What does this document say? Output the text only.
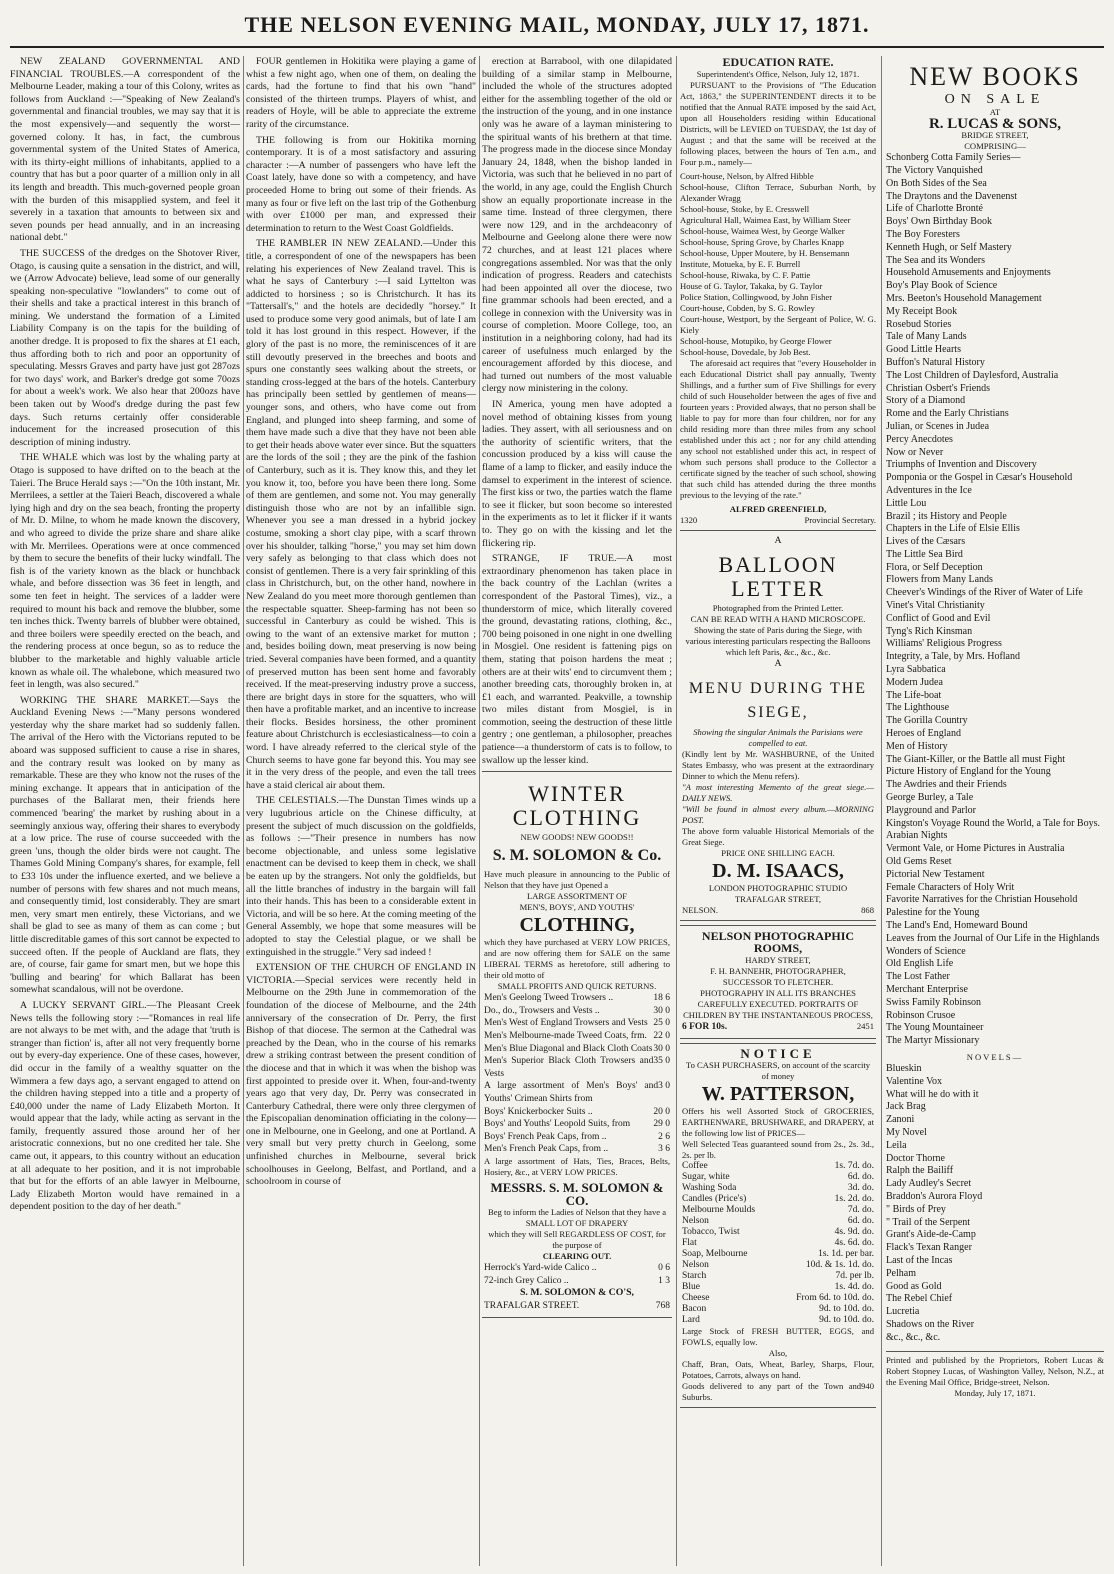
THE NELSON EVENING MAIL, MONDAY, JULY 17, 1871.

NEW ZEALAND GOVERNMENTAL AND FINANCIAL TROUBLES.—A correspondent of the Melbourne Leader, making a tour of this Colony, writes as follows from Auckland :—"Speaking of New Zealand's governmental and financial troubles, we may say that it is the most expensively—and sequently the worst—governed colony. It has, in fact, the cumbrous governmental system of the United States of America, with its thirty-eight millions of inhabitants, applied to a country that has but a poor quarter of a million only in all its length and breadth. This much-governed people groan with the burden of this misapplied system, and feel it severely in a taxation that amounts to between six and seven pounds per head annually, and in an increasing national debt."

THE SUCCESS of the dredges on the Shotover River, Otago, is causing quite a sensation in the district, and will, we (Arrow Advocate) believe, lead some of our generally speaking non-speculative "lowlanders" to come out of their shells and take a practical interest in this branch of mining. We understand the formation of a Limited Liability Company is on the tapis for the building of another dredge. It is proposed to fix the shares at £1 each, thus affording both to rich and poor an opportunity of speculating. Messrs Graves and party have just got 287ozs for two days' work, and Barker's dredge got some 70ozs for about a week's work. We also hear that 200ozs have been taken out by Wood's dredge during the past few days. Such returns certainly offer considerable inducement for the increased prosecution of this description of mining industry.

THE WHALE which was lost by the whaling party at Otago is supposed to have drifted on to the beach at the Taieri. The Bruce Herald says :—"On the 10th instant, Mr. Merrilees, a settler at the Taieri Beach, discovered a whale lying high and dry on the sea beach, fronting the property of Mr. D. Milne, to whom he made known the discovery, and who agreed to divide the prize share and share alike with Mr. Merrilees. Operations were at once commenced by them to secure the benefits of their lucky windfall. The fish is of the variety known as the black or hunchback whale, and before dissection was 36 feet in length, and some ten feet in height. The services of a ladder were required to mount his back and remove the blubber, some ten inches thick. Twenty barrels of blubber were obtained, and three boilers were speedily erected on the beach, and the rendering process at once begun, so as to reduce the blubber to the marketable and highly valuable article known as whale oil. The whalebone, which measured two feet in length, was also secured."

WORKING THE SHARE MARKET.—Says the Auckland Evening News :—"Many persons wondered yesterday why the share market had so suddenly fallen. The arrival of the Hero with the Victorians reputed to be aboard was supposed sufficient to cause a rise in shares, and the contrary result was looked on by many as remarkable. These are they who know not the ruses of the mining exchange. It appears that in anticipation of the purchases of the Ballarat men, their friends here commenced 'bearing' the market by rushing about in a seemingly anxious way, offering their shares to everybody at a low price. The ruse of course succeeded with the green 'uns, though the older birds were not caught. The Thames Gold Mining Company's shares, for example, fell to £33 10s under the influence exerted, and we believe a number of persons with few shares and not much means, and consequently timid, lost considerably. They are smart men, very smart men entirely, these Victorians, and we shall be glad to see as many of them as can come ; but little discreditable games of this sort cannot be expected to succeed often. If the people of Auckland are flats, they are, of course, fair game for smart men, but we hope this 'bulling and bearing' for which Ballarat has been somewhat scandalous, will not be overdone.

A LUCKY SERVANT GIRL.—The Pleasant Creek News tells the following story :—"Romances in real life are not always to be met with, and the adage that 'truth is stranger than fiction' is, after all not very frequently borne out by every-day experience. One of these cases, however, did occur in the family of a wealthy squatter on the Wimmera a few days ago, a servant engaged to attend on the children having stepped into a title and a property of £40,000 under the name of Lady Elizabeth Morton. It would appear that the lady, while acting as servant in the family, frequently assured those around her of her aristocratic connexions, but no one credited her tale. She came out, it appears, to this country without an education at all adequate to her position, and it is not improbable that but for the efforts of an able lawyer in Melbourne, Lady Elizabeth Morton would have remained in a dependent position to the day of her death."

FOUR gentlemen in Hokitika were playing a game of whist a few night ago, when one of them, on dealing the cards, had the fortune to find that his own "hand" consisted of the thirteen trumps. Players of whist, and readers of Hoyle, will be able to appreciate the extreme rarity of the circumstance.

THE following is from our Hokitika morning contemporary. It is of a most satisfactory and assuring character :—A number of passengers who have left the Coast lately, have done so with a competency, and have proceeded Home to bring out some of their friends. As many as four or five left on the last trip of the Gothenburg with over £1000 per man, and expressed their determination to return to the West Coast Goldfields.

THE RAMBLER IN NEW ZEALAND.—Under this title, a correspondent of one of the newspapers has been relating his experiences of New Zealand travel. This is what he says of Canterbury :—I said Lyttelton was addicted to horsiness ; so is Christchurch. It has its "Tattersall's," and the hotels are decidedly "horsey." It used to produce some very good animals, but of late I am told it has lost ground in this respect. However, if the glory of the past is no more, the reminiscences of it are still devoutly preserved in the breeches and boots and spurs one constantly sees walking about the streets, or standing cross-legged at the bars of the hotels. Canterbury has principally been settled by gentlemen of means—younger sons, and others, who have come out from England, and plunged into sheep farming, and some of them have made such a dive that they have not been able to get their heads above water ever since. But the squatters are the lords of the soil ; they are the pink of the fashion of Canterbury, such as it is. They know this, and they let you know it, too, before you have been there long. Some of them are gentlemen, and some not. You may generally distinguish those who are not by an infallible sign. Whenever you see a man dressed in a hybrid jockey costume, smoking a short clay pipe, with a scarf thrown over his shoulder, talking "horse," you may set him down very safely as belonging to that class which does not consist of gentlemen. There is a very fair sprinkling of this class in Christchurch, but, on the other hand, nowhere in New Zealand do you meet more thorough gentlemen than the respectable squatter. Sheep-farming has not been so successful in Canterbury as could be wished. This is owing to the want of an extensive market for mutton ; and, besides boiling down, meat preserving is now being tried. Several companies have been formed, and a quantity of preserved mutton has been sent home and favorably received. If the meat-preserving industry prove a success, there are bright days in store for the squatters, who will then have a profitable market, and an incentive to increase their flocks. Besides horsiness, the other prominent feature about Christchurch is ecclesiasticalness—to coin a word. I have already referred to the clerical style of the Church seems to have gone far beyond this. You may see it in the very dress of the people, and even the tall trees have a staid clerical air about them.

THE CELESTIALS.—The Dunstan Times winds up a very lugubrious article on the Chinese difficulty, at present the subject of much discussion on the goldfields, as follows :—"Their presence in numbers has now become objectionable, and unless some legislative enactment can be devised to keep them in check, we shall be eaten up by the strangers. Not only the goldfields, but all the little branches of industry in the bargain will fall into their hands. This has been to a considerable extent in Victoria, and will be so here. At the coming meeting of the General Assembly, we hope that some measures will be adopted to stay the Celestial plague, or we shall be extinguished in the struggle." Very sad indeed !

EXTENSION OF THE CHURCH OF ENGLAND IN VICTORIA.—Special services were recently held in Melbourne on the 29th June in commemoration of the foundation of the diocese of Melbourne, and the 24th anniversary of the consecration of Dr. Perry, the first Bishop of that diocese. The sermon at the Cathedral was preached by the Dean, who in the course of his remarks drew a striking contrast between the present condition of the diocese and that in which it was when the bishop was first appointed to preside over it. When, four-and-twenty years ago that very day, Dr. Perry was consecrated in Canterbury Cathedral, there were only three clergymen of the Episcopalian denomination officiating in the colony—one in Melbourne, one in Geelong, and one at Portland. A very small but very pretty church in Geelong, some unfinished churches in Melbourne, several brick schoolhouses in Geelong, Belfast, and Portland, and a schoolroom in course of

erection at Barrabool, with one dilapidated building of a similar stamp in Melbourne, included the whole of the structures adopted either for the assembling together of the old or the instruction of the young, and in one instance only was he aware of a layman ministering to the spiritual wants of his brethern at that time. The progress made in the diocese since Monday January 24, 1848, when the bishop landed in Victoria, was such that he believed in no part of the world, in any age, could the English Church show an equally proportionate increase in the same time. Instead of three clergymen, there were now 129, and in the archdeaconry of Melbourne and Geelong alone there were now 72 churches, and at least 121 places where congregations assembled. Nor was that the only indication of progress. Readers and catechists had been appointed all over the diocese, two fine grammar schools had been erected, and a college in connexion with the University was in course of completion. Moore College, too, an institution in a neighboring colony, had had its career of usefulness much enlarged by the encouragement afforded by this diocese, and had turned out numbers of the most valuable clergy now ministering in the colony.

IN America, young men have adopted a novel method of obtaining kisses from young ladies. They assert, with all seriousness and on the authority of scientific writers, that the concussion produced by a kiss will cause the flame of a lamp to flicker, and easily induce the damsel to experiment in the interest of science. The first kiss or two, the parties watch the flame to see it flicker, but soon become so interested in the experiments as to let it flicker if it wants to. They go on with the kissing and let the flickering rip.

STRANGE, IF TRUE.—A most extraordinary phenomenon has taken place in the back country of the Lachlan (writes a correspondent of the Pastoral Times), viz., a thunderstorm of mice, which literally covered the ground, devastating rations, clothing, &c., 700 being poisoned in one night in one dwelling in Mosgiel. One resident is fattening pigs on them, stating that poison hardens the meat ; others are at their wits' end to circumvent them ; another breeding cats, thoroughly broken in, at £1 each, and warranted. Peakville, a township two miles distant from Mosgiel, is in commotion, seeing the destruction of these little gentry ; one gentleman, a philosopher, preaches patience—a thunderstorm of cats is to follow, to swallow up the lesser kind.

WINTER CLOTHING
NEW GOODS! NEW GOODS!!
S. M. SOLOMON & Co.
Have much pleasure in announcing to the Public of Nelson that they have just Opened a
LARGE ASSORTMENT OF
MEN'S, BOYS', AND YOUTHS'
CLOTHING,
which they have purchased at VERY LOW PRICES, and are now offering them for SALE on the same LIBERAL TERMS as heretofore, still adhering to their old motto of
SMALL PROFITS AND QUICK RETURNS.
Men's Geelong Tweed Trowsers ..	18 6
Do., do., Trowsers and Vests ..	30 0
Men's West of England Trowsers and Vests 25 0
Men's Melbourne-made Tweed Coats, frm. 22 0
Men's Blue Diagonal and Black Cloth Coats 30 0
Men's Superior Black Cloth Trowsers and Vests
35 0
A large assortment of Men's Boys' and Youths' Crimean Shirts from
3 0
Boys' Knickerbocker Suits ..	20 0
Boys' and Youths' Leopold Suits, from 29 0
Boys' French Peak Caps, from ..	2 6
Men's French Peak Caps, from ..	3 6
A large assortment of Hats, Ties, Braces, Belts, Hosiery, &c., at VERY LOW PRICES.
MESSRS. S. M. SOLOMON & CO.
Beg to inform the Ladies of Nelson that they have a
SMALL LOT OF DRAPERY
which they will Sell REGARDLESS OF COST, for the purpose of
CLEARING OUT.
Herrock's Yard-wide Calico ..	0 6
72-inch Grey Calico ..	1 3
S. M. SOLOMON & CO'S,
TRAFALGAR STREET.	768
EDUCATION RATE.
Superintendent's Office, Nelson, July 12, 1871.

PURSUANT to the Provisions of "The Education Act, 1863," the SUPERINTENDENT directs it to be notified that the Annual RATE imposed by the said Act, upon all Householders residing within Educational Districts, will be LEVIED on TUESDAY, the 1st day of August ; and that the same will be received at the following places, between the hours of Ten a.m., and Four p.m., namely—

Court-house, Nelson, by Alfred Hibble
School-house, Clifton Terrace, Suburban North, by Alexander Wragg
School-house, Stoke, by E. Cresswell
Agricultural Hall, Waimea East, by William Steer
School-house, Waimea West, by George Walker
School-house, Spring Grove, by Charles Knapp
School-house, Upper Moutere, by H. Bensemann
Institute, Motueka, by E. F. Burrell
School-house, Riwaka, by C. F. Pattie
House of G. Taylor, Takaka, by G. Taylor
Police Station, Collingwood, by John Fisher
Court-house, Cobden, by S. G. Rowley
Court-house, Westport, by the Sergeant of Police, W. G. Kiely
School-house, Motupiko, by George Flower
School-house, Dovedale, by Job Best.

The aforesaid act requires that "every Householder in each Educational District shall pay annually, Twenty Shillings, and a further sum of Five Shillings for every child of such Householder between the ages of five and fourteen years : Provided always, that no person shall be liable to pay for more than four children, nor for any child residing more than three miles from any school established under this act ; nor for any child attending any school not established under this act, in respect of whom such persons shall produce to the Collector a certificate signed by the teacher of such school, showing that such child has attended during the three months previous to the levying of the rate."

ALFRED GREENFIELD,
1320	Provincial Secretary.
A
BALLOON LETTER
Photographed from the Printed Letter.
CAN BE READ WITH A HAND MICROSCOPE.
Showing the state of Paris during the Siege, with various interesting particulars respecting the Balloons which left Paris, &c., &c., &c.
A
MENU DURING THE SIEGE,
Showing the singular Animals the Parisians were compelled to eat.
(Kindly lent by Mr. WASHBURNE, of the United States Embassy, who was present at the extraordinary Dinner to which the Menu refers).
"A most interesting Memento of the great siege.—DAILY NEWS.
"Will be found in almost every album.—MORNING POST.
The above form valuable Historical Memorials of the Great Siege.
PRICE ONE SHILLING EACH.
D. M. ISAACS,
LONDON PHOTOGRAPHIC STUDIO
TRAFALGAR STREET,
NELSON.	868
NELSON PHOTOGRAPHIC ROOMS,
HARDY STREET,
F. H. BANNEHR, PHOTOGRAPHER,
SUCCESSOR TO FLETCHER.
PHOTOGRAPHY IN ALL ITS BRANCHES CAREFULLY EXECUTED. PORTRAITS OF CHILDREN BY THE INSTANTANEOUS PROCESS,
6 FOR 10s.	2451
NOTICE
To CASH PURCHASERS, on account of the scarcity of money
W. PATTERSON,
Offers his well Assorted Stock of GROCERIES, EARTHENWARE, BRUSHWARE, and DRAPERY, at the following low list of PRICES—
Well Selected Teas guaranteed sound from 2s., 2s. 3d., 2s. per lb.
Coffee	1s. 7d. do.
Sugar, white	6d. do.
Washing Soda	3d. do.
Candles (Price's)	1s. 2d. do.
Melbourne Moulds	7d. do.
Nelson	6d. do.
Tobacco, Twist	4s. 9d. do.
Flat	4s. 6d. do.
Soap, Melbourne	1s. 1d. per bar.
Nelson	10d. & 1s. 1d. do.
Starch	7d. per lb.
Blue	1s. 4d. do.
Cheese	From 6d. to 10d. do.
Bacon	9d. to 10d. do.
Lard	9d. to 10d. do.
Large Stock of FRESH BUTTER, EGGS, and FOWLS, equally low.
Also,
Chaff, Bran, Oats, Wheat, Barley, Sharps, Flour, Potatoes, Carrots, always on hand.
Goods delivered to any part of the Town and Suburbs.
940
NEW BOOKS
ON SALE
AT
R. LUCAS & SONS,
BRIDGE STREET,
COMPRISING—
Schonberg Cotta Family Series—
The Victory Vanquished
On Both Sides of the Sea
The Draytons and the Davenenst
Life of Charlotte Bronté
Boys' Own Birthday Book
The Boy Foresters
Kenneth Hugh, or Self Mastery
The Sea and its Wonders
Household Amusements and Enjoyments
Boy's Play Book of Science
Mrs. Beeton's Household Management
My Receipt Book
Rosebud Stories
Tale of Many Lands
Good Little Hearts
Buffon's Natural History
The Lost Children of Daylesford, Australia
Christian Osbert's Friends
Story of a Diamond
Rome and the Early Christians
Julian, or Scenes in Judea
Percy Anecdotes
Now or Never
Triumphs of Invention and Discovery
Pomponia or the Gospel in Cæsar's Household
Adventures in the Ice
Little Lou
Brazil ; its History and People
Chapters in the Life of Elsie Ellis
Lives of the Cæsars
The Little Sea Bird
Flora, or Self Deception
Flowers from Many Lands
Cheever's Windings of the River of Water of Life
Vinet's Vital Christianity
Conflict of Good and Evil
Tyng's Rich Kinsman
Williams' Religious Progress
Integrity, a Tale, by Mrs. Hofland
Lyra Sabbatica
Modern Judea
The Life-boat
The Lighthouse
The Gorilla Country
Heroes of England
Men of History
The Giant-Killer, or the Battle all must Fight
Picture History of England for the Young
The Awdries and their Friends
George Burley, a Tale
Playground and Parlor
Kingston's Voyage Round the World, a Tale for Boys.
Arabian Nights
Vermont Vale, or Home Pictures in Australia
Old Gems Reset
Pictorial New Testament
Female Characters of Holy Writ
Favorite Narratives for the Christian Household
Palestine for the Young
The Land's End, Homeward Bound
Leaves from the Journal of Our Life in the Highlands
Wonders of Science
Old English Life
The Lost Father
Merchant Enterprise
Swiss Family Robinson
Robinson Crusoe
The Young Mountaineer
The Martyr Missionary
NOVELS—
Blueskin
Valentine Vox
What will he do with it
Jack Brag
Zanoni
My Novel
Leila
Doctor Thorne
Ralph the Bailiff
Lady Audley's Secret
Braddon's Aurora Floyd
" Birds of Prey
" Trail of the Serpent
Grant's Aide-de-Camp
Flack's Texan Ranger
Last of the Incas
Pelham
Good as Gold
The Rebel Chief
Lucretia
Shadows on the River
&c., &c., &c.
Printed and published by the Proprietors, Robert Lucas & Robert Stopney Lucas, of Washington Valley, Nelson, N.Z., at the Evening Mail Office, Bridge-street, Nelson.
Monday, July 17, 1871.
